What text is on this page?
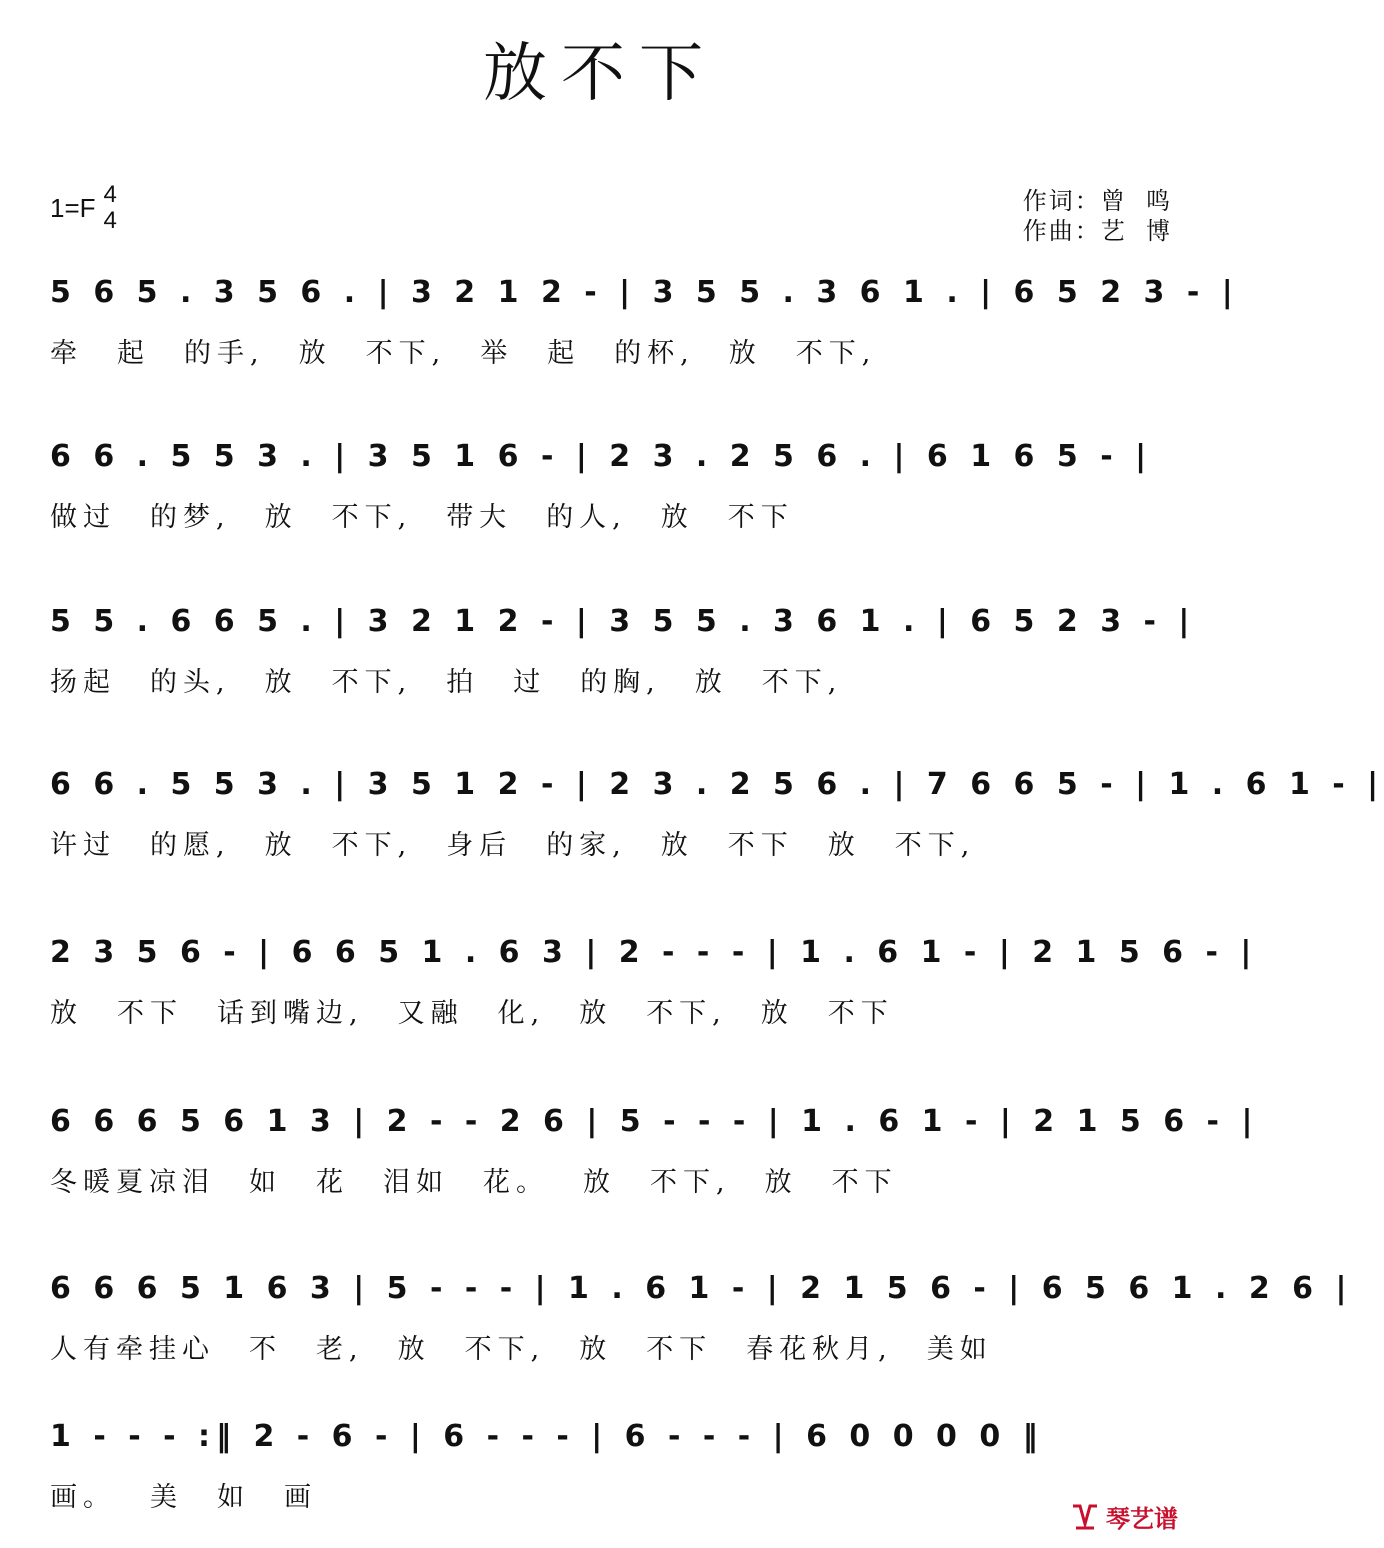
放不下
1=F 4
4
作词：曾  鸣
作曲：艺  博
5 6 5 . 3 5 6 . | 3 2 1 2 - | 3 5 5 . 3 6 1 . | 6 5 2 3 - |
牵 起 的手, 放 不下, 举 起 的杯, 放 不下,
6 6 . 5 5 3 . | 3 5 1 6 - | 2 3 . 2 5 6 . | 6 1 6 5 - |
做过 的梦, 放 不下, 带大 的人, 放 不下
5 5 . 6 6 5 . | 3 2 1 2 - | 3 5 5 . 3 6 1 . | 6 5 2 3 - |
扬起 的头, 放 不下, 拍 过 的胸, 放 不下,
6 6 . 5 5 3 . | 3 5 1 2 - | 2 3 . 2 5 6 . | 7 6 6 5 - | 1 . 6 1 - |
许过 的愿, 放 不下, 身后 的家, 放 不下 放 不下,
2 3 5 6 - | 6 6 5 1 . 6 3 | 2 - - - | 1 . 6 1 - | 2 1 5 6 - |
放 不下 话到嘴边, 又融 化, 放 不下, 放 不下
6 6 6 5 6 1 3 | 2 - - 2 6 | 5 - - - | 1 . 6 1 - | 2 1 5 6 - |
冬暖夏凉泪 如 花 泪如 花。 放 不下, 放 不下
6 6 6 5 1 6 3 | 5 - - - | 1 . 6 1 - | 2 1 5 6 - | 6 5 6 1 . 2 6 |
人有牵挂心 不 老, 放 不下, 放 不下 春花秋月, 美如
1 - - - :‖ 2 - 6 - | 6 - - - | 6 - - - | 6 0 0 0 0 ‖
画。 美 如 画
琴艺谱
